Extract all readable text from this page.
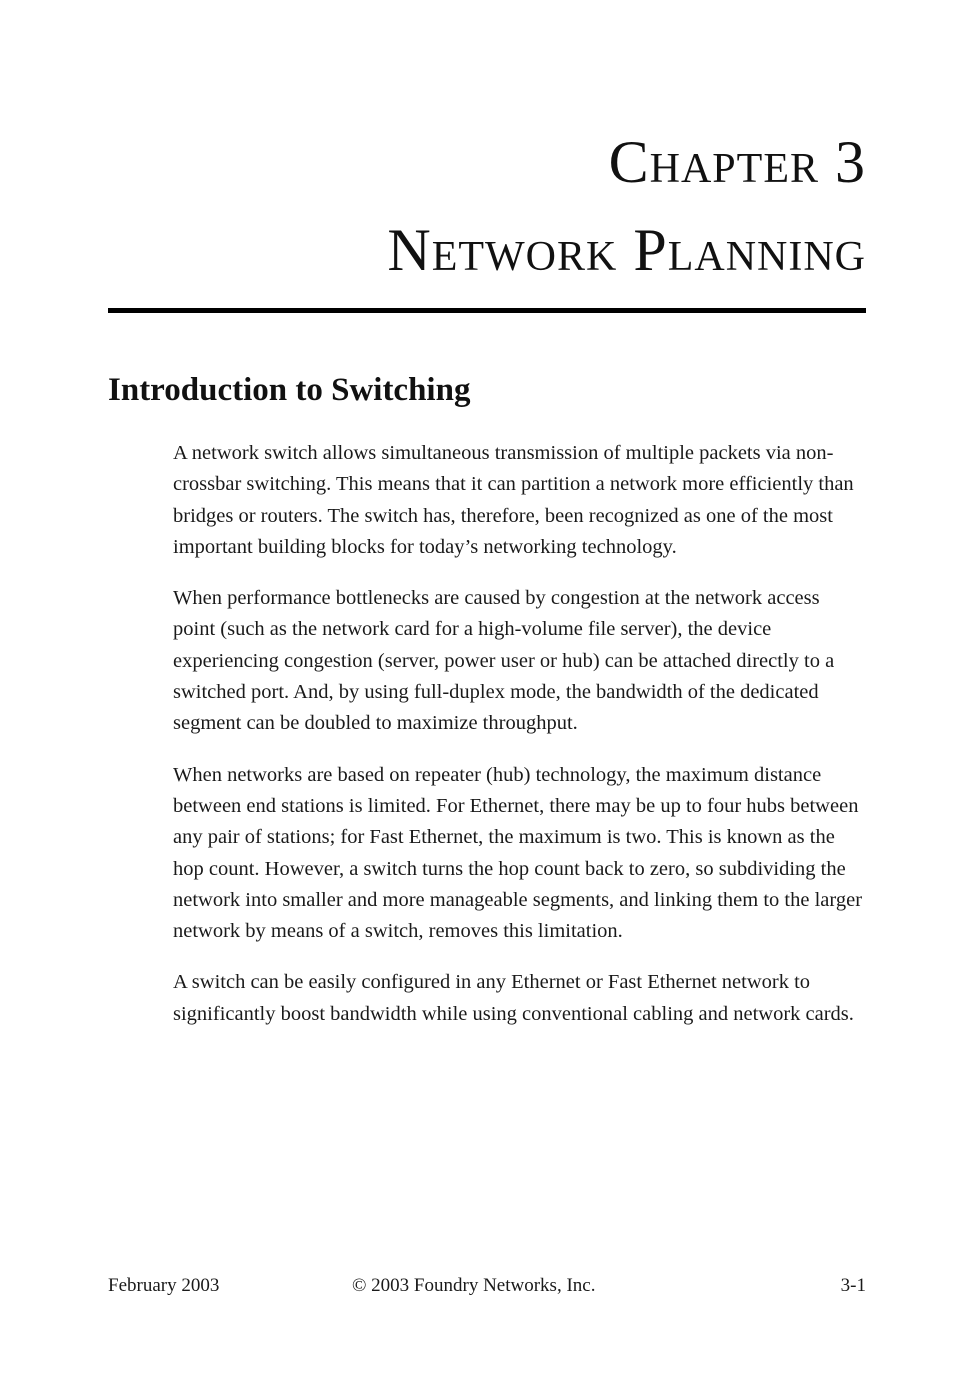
Chapter 3
Network Planning
Introduction to Switching

A network switch allows simultaneous transmission of multiple packets via non-crossbar switching. This means that it can partition a network more efficiently than bridges or routers. The switch has, therefore, been recognized as one of the most important building blocks for today’s networking technology.

When performance bottlenecks are caused by congestion at the network access point (such as the network card for a high-volume file server), the device experiencing congestion (server, power user or hub) can be attached directly to a switched port. And, by using full-duplex mode, the bandwidth of the dedicated segment can be doubled to maximize throughput.

When networks are based on repeater (hub) technology, the maximum distance between end stations is limited. For Ethernet, there may be up to four hubs between any pair of stations; for Fast Ethernet, the maximum is two. This is known as the hop count. However, a switch turns the hop count back to zero, so subdividing the network into smaller and more manageable segments, and linking them to the larger network by means of a switch, removes this limitation.

A switch can be easily configured in any Ethernet or Fast Ethernet network to significantly boost bandwidth while using conventional cabling and network cards.

February 2003	© 2003 Foundry Networks, Inc.	3-1
